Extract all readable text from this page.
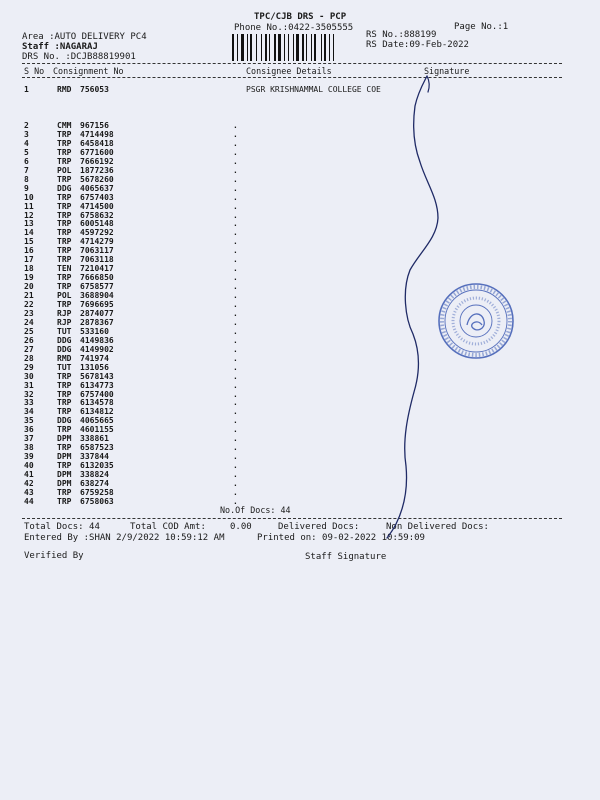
TPC/CJB DRS - PCP
Phone No.:0422-3505555	Page No.:1
Area :AUTO DELIVERY PC4
Staff :NAGARAJ
DRS No. :DCJB88819901
RS No.:888199
RS Date:09-Feb-2022
S No Consignment No	Consignee Details	Signature
1	RMD 756053	PSGR KRISHNAMMAL COLLEGE COE
2	CMM 967156	.
3	TRP 4714498	.
4	TRP 6458418	.
5	TRP 6771600	.
6	TRP 7666192	.
7	POL 1877236	.
8	TRP 5678260	.
9	DDG 4065637	.
10	TRP 6757403	.
11	TRP 4714500	.
12	TRP 6758632	.
13	TRP 6005148	.
14	TRP 4597292	.
15	TRP 4714279	.
16	TRP 7063117	.
17	TRP 7063118	.
18	TEN 7210417	.
19	TRP 7666850	.
20	TRP 6758577	.
21	POL 3688904	.
22	TRP 7696695	.
23	RJP 2874077	.
24	RJP 2878367	.
25	TUT 533160	.
26	DDG 4149836	.
27	DDG 4149902	.
28	RMD 741974	.
29	TUT 131056	.
30	TRP 5678143	.
31	TRP 6134773	.
32	TRP 6757400	.
33	TRP 6134578	.
34	TRP 6134812	.
35	DDG 4065665	.
36	TRP 4601155	.
37	DPM 338861	.
38	TRP 6587523	.
39	DPM 337844	.
40	TRP 6132035	.
41	DPM 338824	.
42	DPM 638274	.
43	TRP 6759258	.
44	TRP 6758063	.
No.Of Docs: 44
Total Docs: 44	Total COD Amt:	0.00	Delivered Docs:	Non Delivered Docs:
Entered By :SHAN 2/9/2022 10:59:12 AM	Printed on: 09-02-2022 10:59:09
Verified By	Staff Signature
